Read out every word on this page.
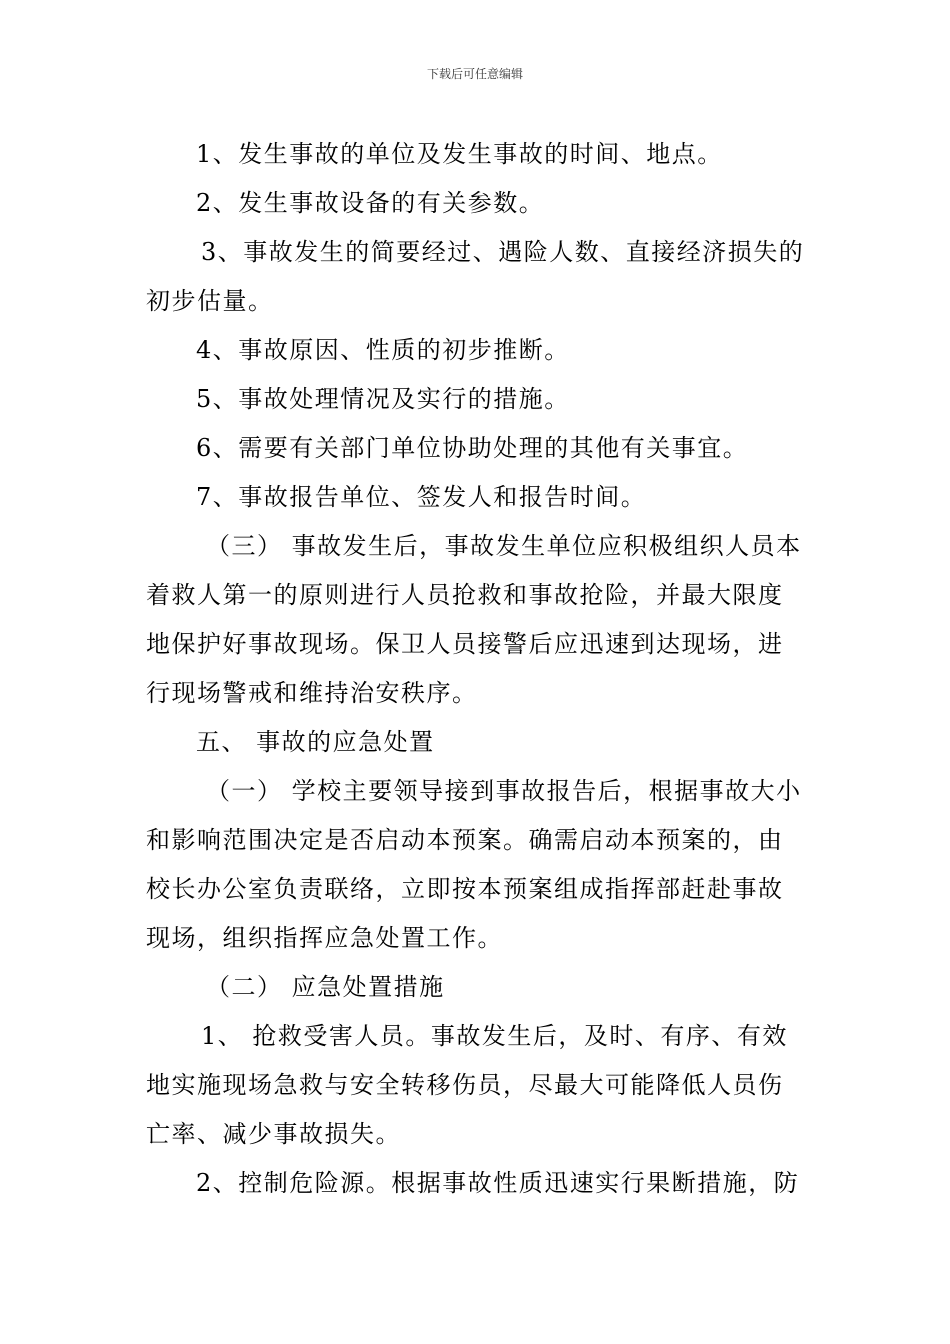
下载后可任意编辑

1、发生事故的单位及发生事故的时间、地点。

2、发生事故设备的有关参数。

3、事故发生的简要经过、遇险人数、直接经济损失的

初步估量。

4、事故原因、性质的初步推断。

5、事故处理情况及实行的措施。

6、需要有关部门单位协助处理的其他有关事宜。

7、事故报告单位、签发人和报告时间。

（三） 事故发生后，事故发生单位应积极组织人员本

着救人第一的原则进行人员抢救和事故抢险，并最大限度

地保护好事故现场。保卫人员接警后应迅速到达现场，进

行现场警戒和维持治安秩序。

五、 事故的应急处置

（一） 学校主要领导接到事故报告后，根据事故大小

和影响范围决定是否启动本预案。确需启动本预案的，由

校长办公室负责联络，立即按本预案组成指挥部赶赴事故

现场，组织指挥应急处置工作。

（二） 应急处置措施

1、 抢救受害人员。事故发生后，及时、有序、有效

地实施现场急救与安全转移伤员，尽最大可能降低人员伤

亡率、减少事故损失。

2、控制危险源。根据事故性质迅速实行果断措施，防
